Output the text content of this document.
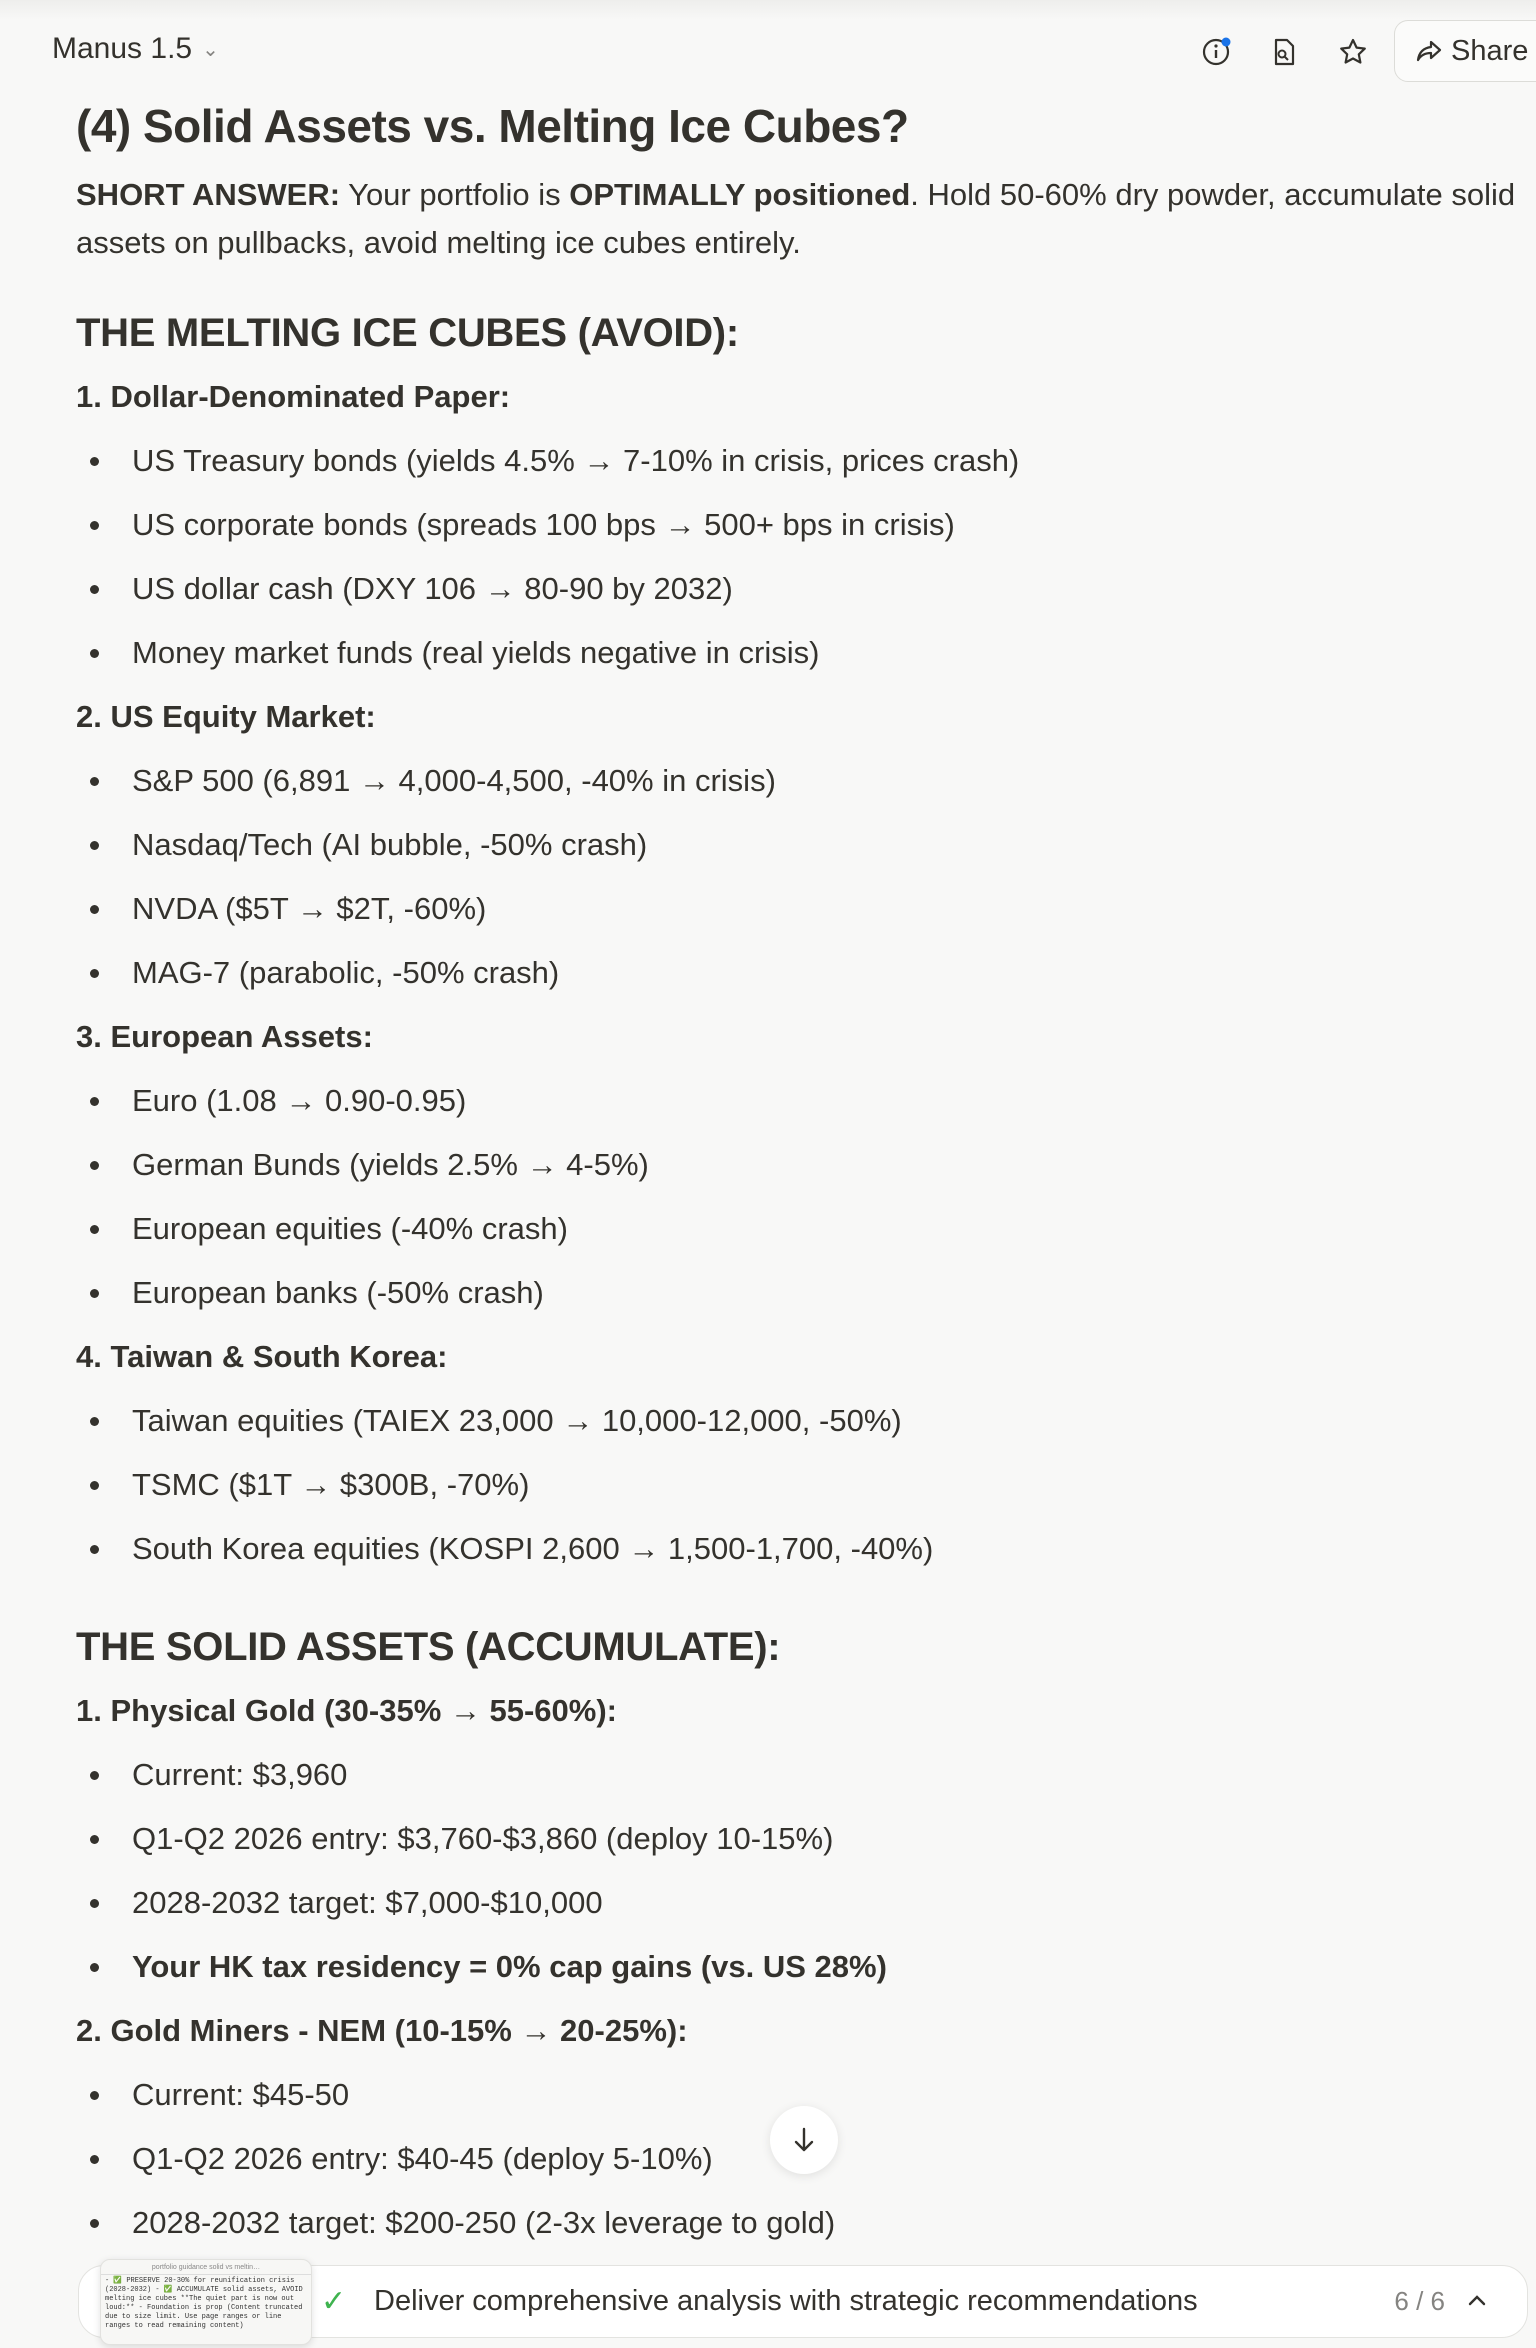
Manus 1.5 ⌄	Share
(4) Solid Assets vs. Melting Ice Cubes?
SHORT ANSWER: Your portfolio is OPTIMALLY positioned. Hold 50-60% dry powder, accumulate solid assets on pullbacks, avoid melting ice cubes entirely.
THE MELTING ICE CUBES (AVOID):
1. Dollar-Denominated Paper:
US Treasury bonds (yields 4.5% → 7-10% in crisis, prices crash)
US corporate bonds (spreads 100 bps → 500+ bps in crisis)
US dollar cash (DXY 106 → 80-90 by 2032)
Money market funds (real yields negative in crisis)
2. US Equity Market:
S&P 500 (6,891 → 4,000-4,500, -40% in crisis)
Nasdaq/Tech (AI bubble, -50% crash)
NVDA ($5T → $2T, -60%)
MAG-7 (parabolic, -50% crash)
3. European Assets:
Euro (1.08 → 0.90-0.95)
German Bunds (yields 2.5% → 4-5%)
European equities (-40% crash)
European banks (-50% crash)
4. Taiwan & South Korea:
Taiwan equities (TAIEX 23,000 → 10,000-12,000, -50%)
TSMC ($1T → $300B, -70%)
South Korea equities (KOSPI 2,600 → 1,500-1,700, -40%)
THE SOLID ASSETS (ACCUMULATE):
1. Physical Gold (30-35% → 55-60%):
Current: $3,960
Q1-Q2 2026 entry: $3,760-$3,860 (deploy 10-15%)
2028-2032 target: $7,000-$10,000
Your HK tax residency = 0% cap gains (vs. US 28%)
2. Gold Miners - NEM (10-15% → 20-25%):
Current: $45-50
Q1-Q2 2026 entry: $40-45 (deploy 5-10%)
2028-2032 target: $200-250 (2-3x leverage to gold)
✓ Deliver comprehensive analysis with strategic recommendations	6 / 6
portfolio guidance solid vs meltin…
- ✅ PRESERVE 20-30% for reunification crisis (2028-2032) - ✅ ACCUMULATE solid assets, AVOID melting ice cubes **The quiet part is now out loud:** - Foundation is prop (Content truncated due to size limit. Use page ranges or line ranges to read remaining content)
